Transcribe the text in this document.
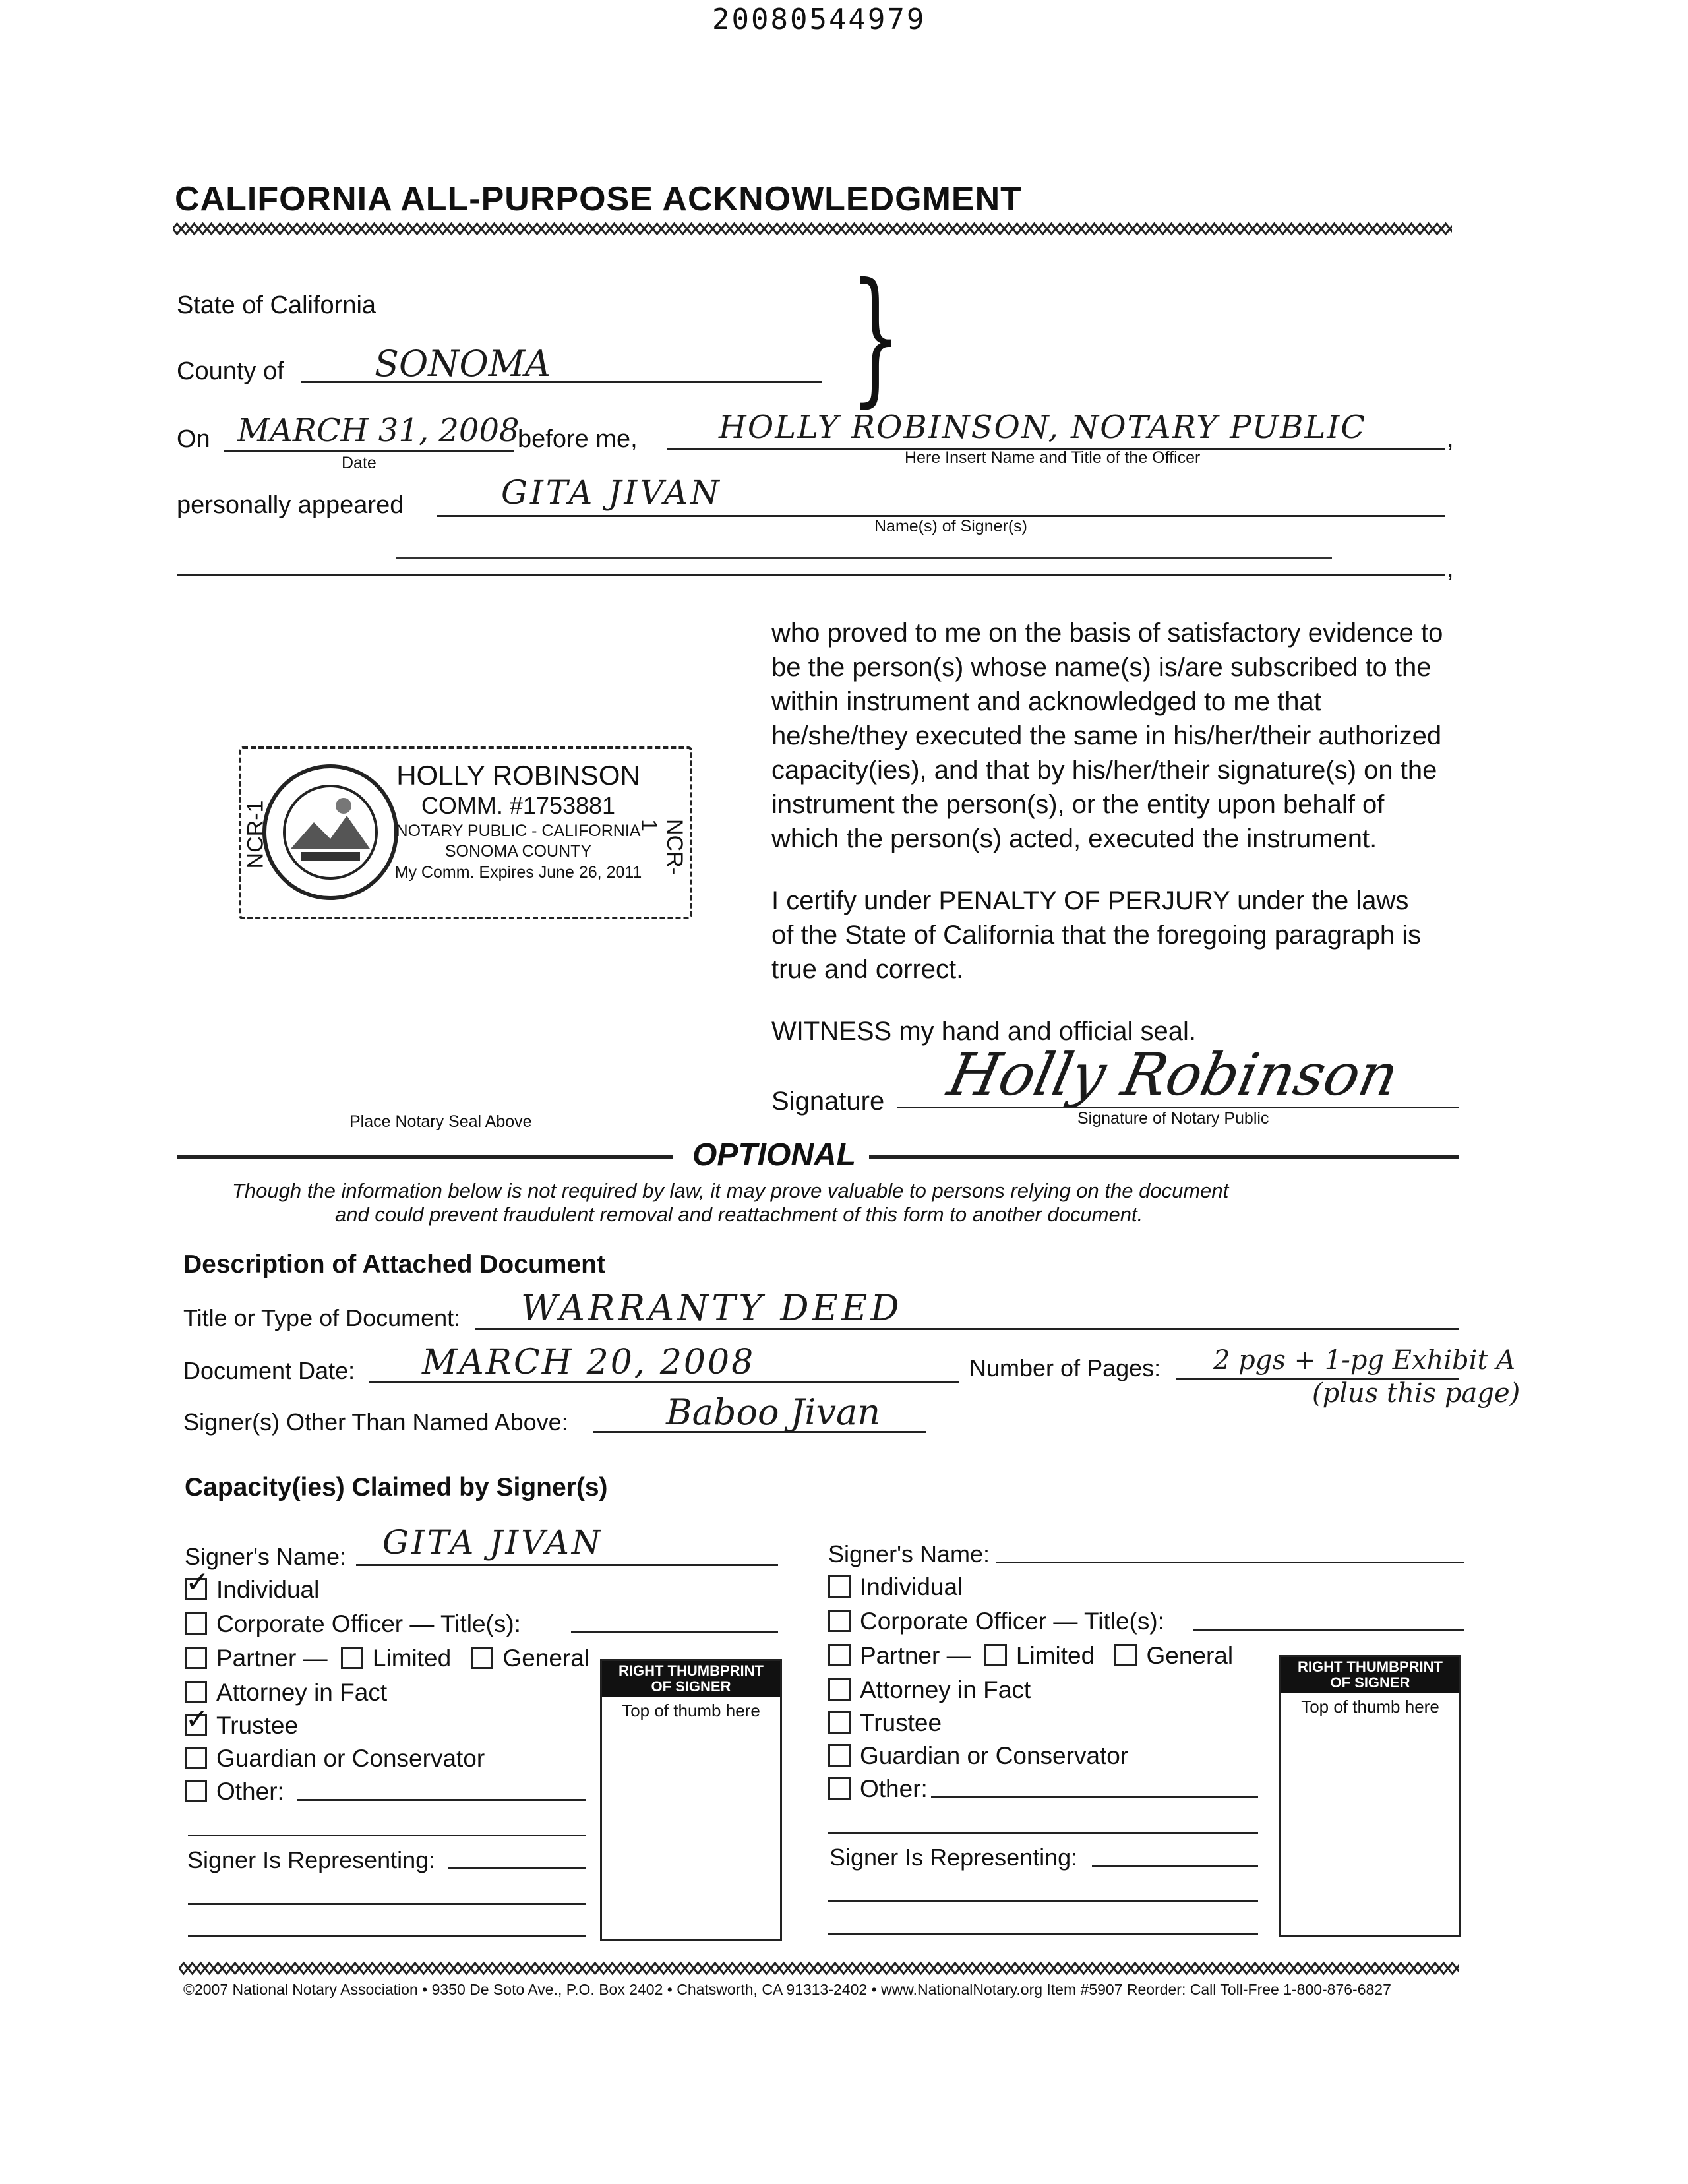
20080544979
CALIFORNIA ALL-PURPOSE ACKNOWLEDGMENT
State of California
County of	SONOMA }
On MARCH 31, 2008
Date
before me,	HOLLY ROBINSON, NOTARY PUBLIC	,
Here Insert Name and Title of the Officer
personally appeared	GITA JIVAN
Name(s) of Signer(s)
,
NCR-1	NCR-1
HOLLY ROBINSON
COMM. #1753881
NOTARY PUBLIC - CALIFORNIA
SONOMA COUNTY
My Comm. Expires June 26, 2011
Place Notary Seal Above
who proved to me on the basis of satisfactory evidence to
be the person(s) whose name(s) is/are subscribed to the
within instrument and acknowledged to me that
he/she/they executed the same in his/her/their authorized
capacity(ies), and that by his/her/their signature(s) on the
instrument the person(s), or the entity upon behalf of
which the person(s) acted, executed the instrument.
I certify under PENALTY OF PERJURY under the laws
of the State of California that the foregoing paragraph is
true and correct.
WITNESS my hand and official seal.
Signature Holly Robinson
Signature of Notary Public
OPTIONAL
Though the information below is not required by law, it may prove valuable to persons relying on the document
and could prevent fraudulent removal and reattachment of this form to another document.
Description of Attached Document
Title or Type of Document: WARRANTY DEED
Document Date: MARCH 20, 2008	Number of Pages: 2 pgs + 1-pg Exhibit A
(plus this page)
Signer(s) Other Than Named Above:	Baboo Jivan
Capacity(ies) Claimed by Signer(s)
Signer's Name: GITA JIVAN
✓ Individual
Corporate Officer — Title(s):
Partner — Limited General
Attorney in Fact
✓ Trustee
Guardian or Conservator
Other:
Signer Is Representing:
RIGHT THUMBPRINT
OF SIGNER
Top of thumb here
Signer's Name:
Individual
Corporate Officer — Title(s):
Partner — Limited General
Attorney in Fact
Trustee
Guardian or Conservator
Other:
Signer Is Representing:
RIGHT THUMBPRINT
OF SIGNER
Top of thumb here
©2007 National Notary Association • 9350 De Soto Ave., P.O. Box 2402 • Chatsworth, CA 91313-2402 • www.NationalNotary.org Item #5907 Reorder: Call Toll-Free 1-800-876-6827
